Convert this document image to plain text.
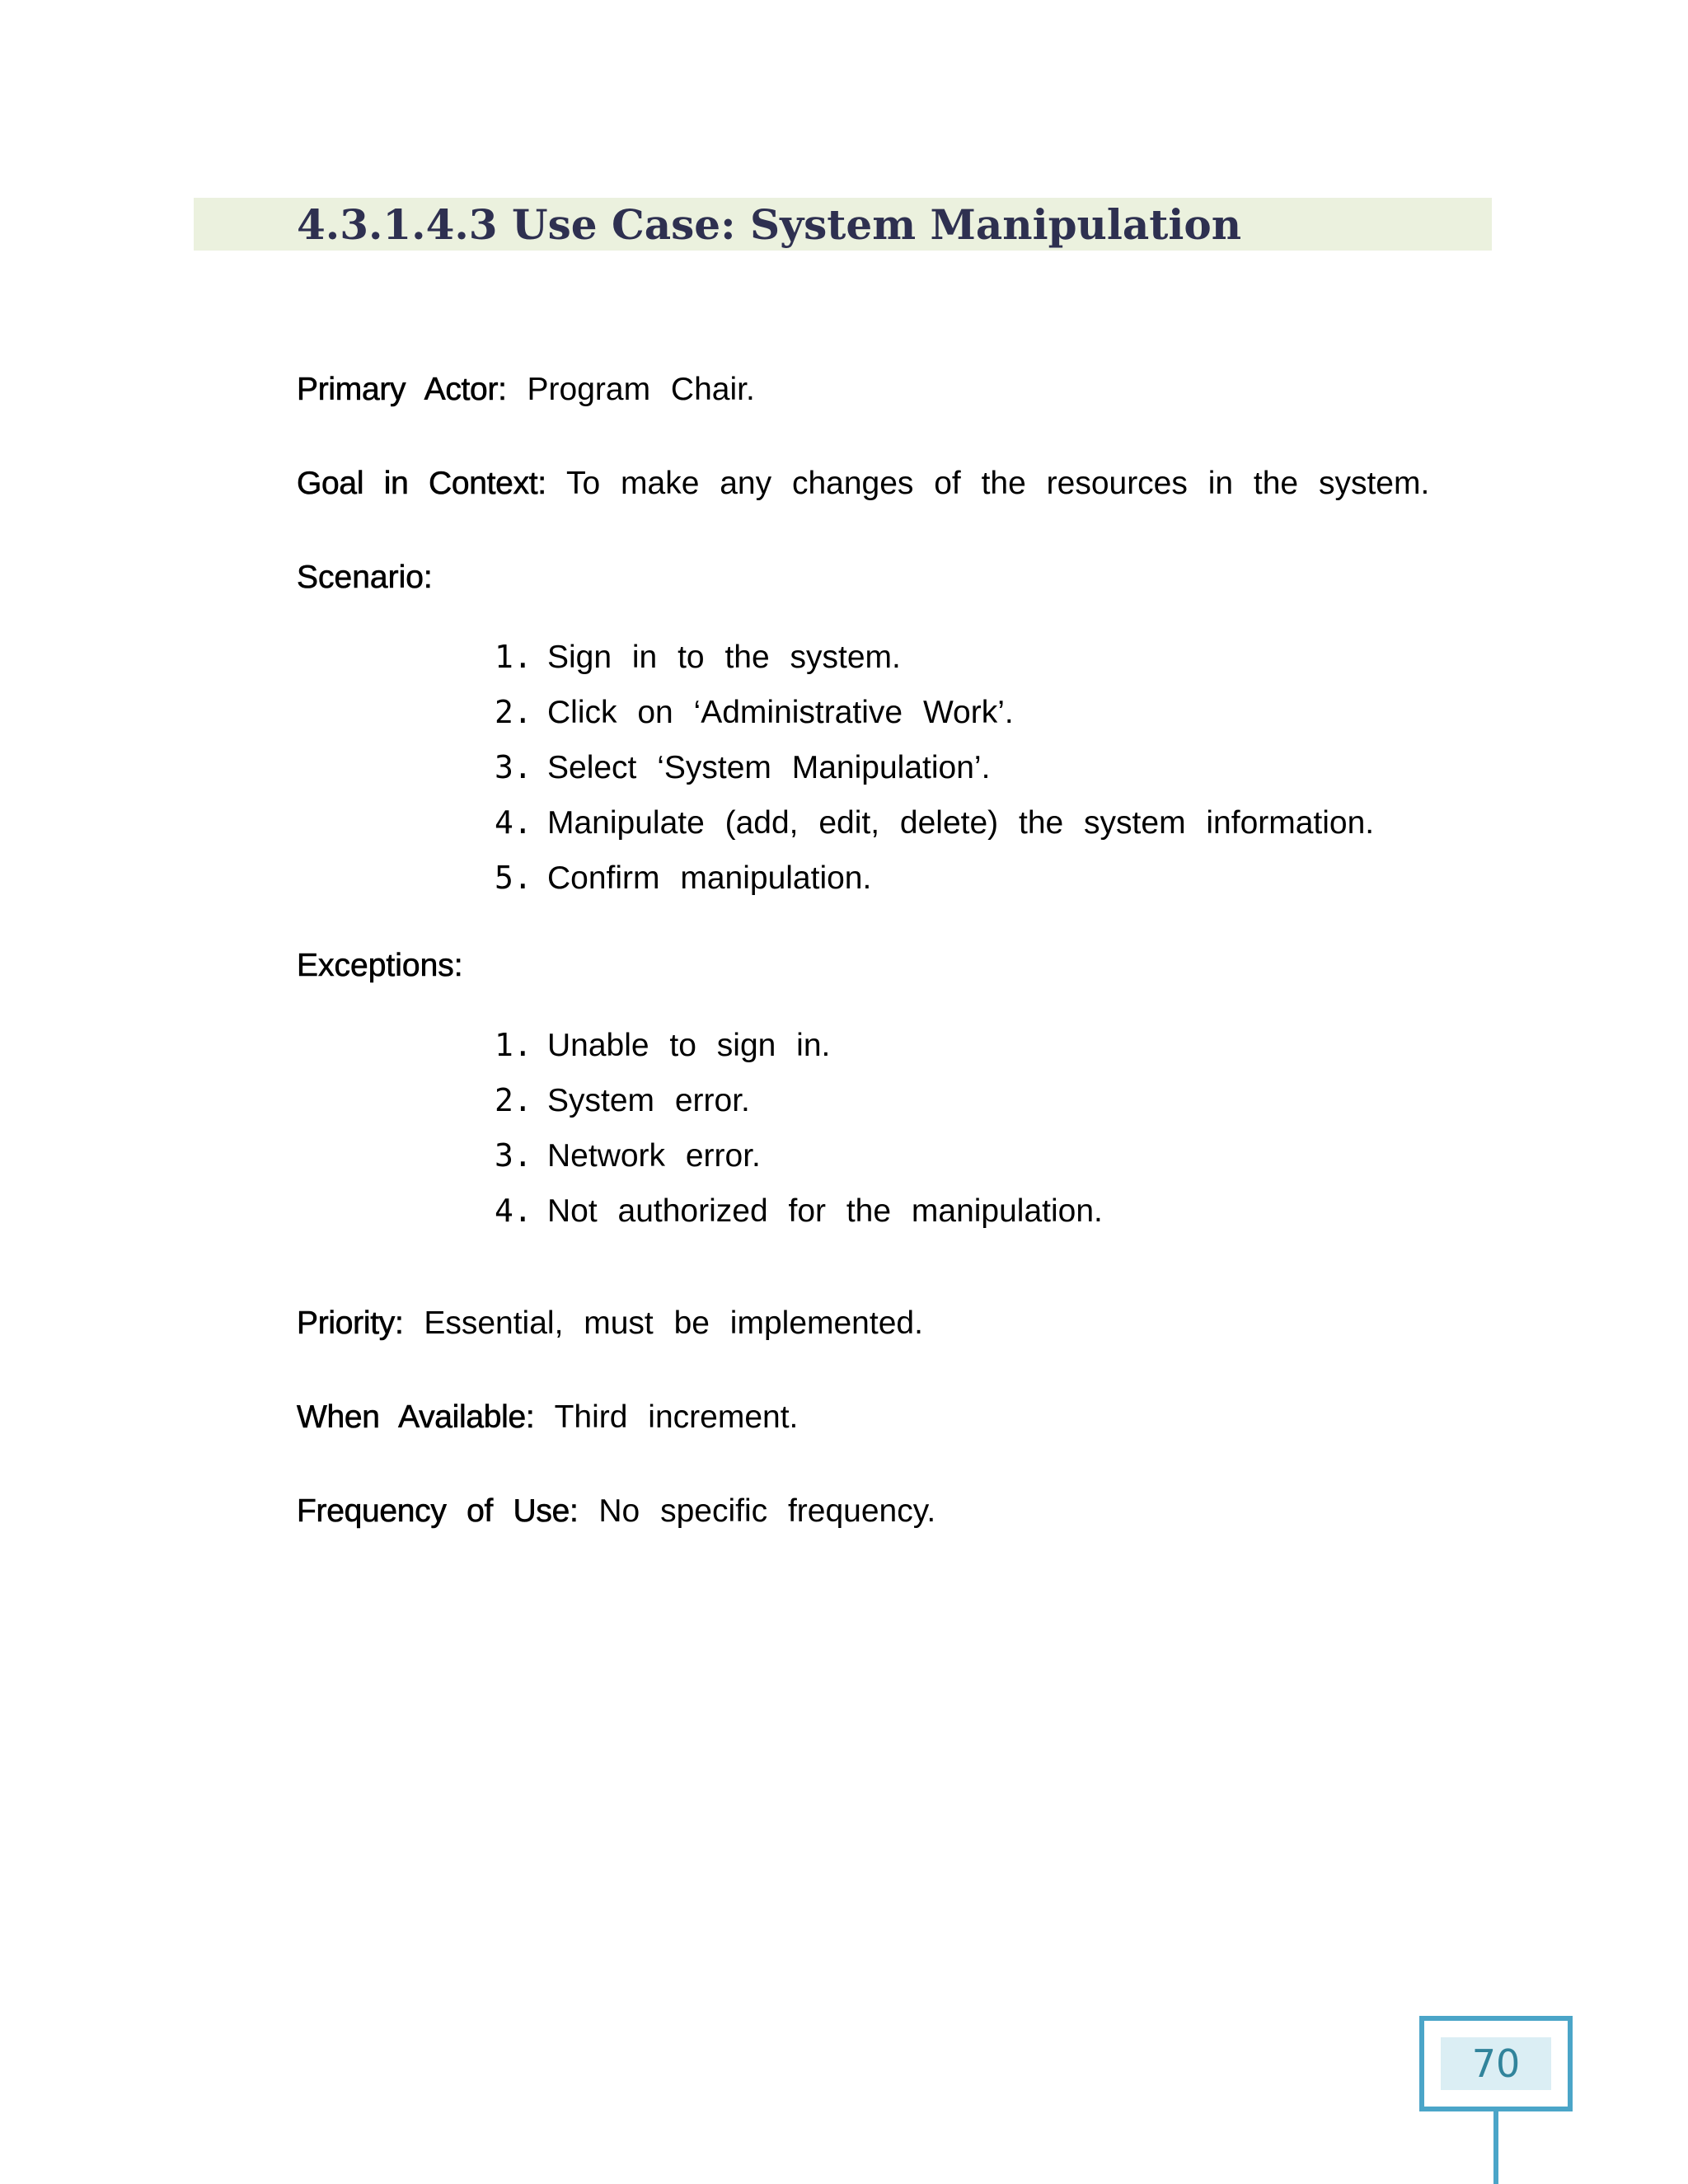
4.3.1.4.3 Use Case: System Manipulation

Primary Actor: Program Chair.

Goal in Context: To make any changes of the resources in the system.

Scenario:

1. Sign in to the system.
2. Click on ‘Administrative Work’.
3. Select ‘System Manipulation’.
4. Manipulate (add, edit, delete) the system information.
5. Confirm manipulation.

Exceptions:

1. Unable to sign in.
2. System error.
3. Network error.
4. Not authorized for the manipulation.

Priority: Essential, must be implemented.

When Available: Third increment.

Frequency of Use: No specific frequency.

70
